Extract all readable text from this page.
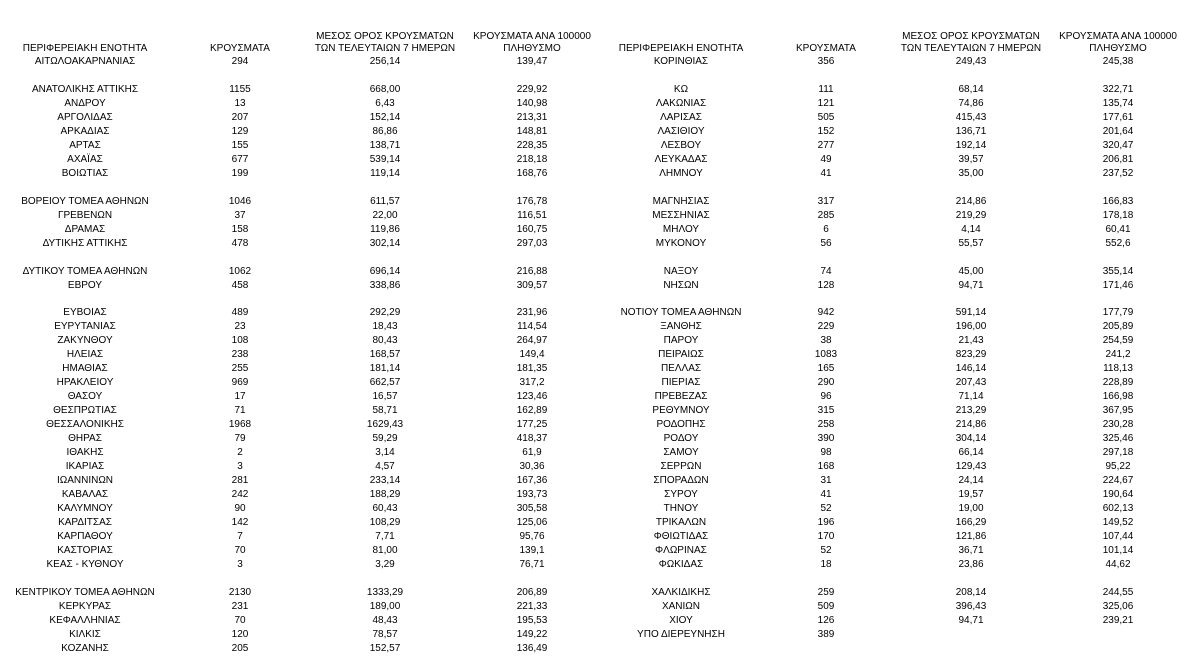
ΠΕΡΙΦΕΡΕΙΑΚΗ ΕΝΟΤΗΤΑ	ΚΡΟΥΣΜΑΤΑ
ΜΕΣΟΣ ΟΡΟΣ ΚΡΟΥΣΜΑΤΩΝ
ΤΩΝ ΤΕΛΕΥΤΑΙΩΝ 7 ΗΜΕΡΩΝ
ΚΡΟΥΣΜΑΤΑ ΑΝΑ 100000
ΠΛΗΘΥΣΜΟ
ΑΙΤΩΛΟΑΚΑΡΝΑΝΙΑΣ	294	256,14	139,47
ΑΝΑΤΟΛΙΚΗΣ ΑΤΤΙΚΗΣ	1155	668,00	229,92
ΑΝΔΡΟΥ	13	6,43	140,98
ΑΡΓΟΛΙΔΑΣ	207	152,14	213,31
ΑΡΚΑΔΙΑΣ	129	86,86	148,81
ΑΡΤΑΣ	155	138,71	228,35
ΑΧΑΪΑΣ	677	539,14	218,18
ΒΟΙΩΤΙΑΣ	199	119,14	168,76
ΒΟΡΕΙΟΥ ΤΟΜΕΑ ΑΘΗΝΩΝ	1046	611,57	176,78
ΓΡΕΒΕΝΩΝ	37	22,00	116,51
ΔΡΑΜΑΣ	158	119,86	160,75
ΔΥΤΙΚΗΣ ΑΤΤΙΚΗΣ	478	302,14	297,03
ΔΥΤΙΚΟΥ ΤΟΜΕΑ ΑΘΗΝΩΝ	1062	696,14	216,88
ΕΒΡΟΥ	458	338,86	309,57
ΕΥΒΟΙΑΣ	489	292,29	231,96
ΕΥΡΥΤΑΝΙΑΣ	23	18,43	114,54
ΖΑΚΥΝΘΟΥ	108	80,43	264,97
ΗΛΕΙΑΣ	238	168,57	149,4
ΗΜΑΘΙΑΣ	255	181,14	181,35
ΗΡΑΚΛΕΙΟΥ	969	662,57	317,2
ΘΑΣΟΥ	17	16,57	123,46
ΘΕΣΠΡΩΤΙΑΣ	71	58,71	162,89
ΘΕΣΣΑΛΟΝΙΚΗΣ	1968	1629,43	177,25
ΘΗΡΑΣ	79	59,29	418,37
ΙΘΑΚΗΣ	2	3,14	61,9
ΙΚΑΡΙΑΣ	3	4,57	30,36
ΙΩΑΝΝΙΝΩΝ	281	233,14	167,36
ΚΑΒΑΛΑΣ	242	188,29	193,73
ΚΑΛΥΜΝΟΥ	90	60,43	305,58
ΚΑΡΔΙΤΣΑΣ	142	108,29	125,06
ΚΑΡΠΑΘΟΥ	7	7,71	95,76
ΚΑΣΤΟΡΙΑΣ	70	81,00	139,1
ΚΕΑΣ - ΚΥΘΝΟΥ	3	3,29	76,71
ΚΕΝΤΡΙΚΟΥ ΤΟΜΕΑ ΑΘΗΝΩΝ	2130	1333,29	206,89
ΚΕΡΚΥΡΑΣ	231	189,00	221,33
ΚΕΦΑΛΛΗΝΙΑΣ	70	48,43	195,53
ΚΙΛΚΙΣ	120	78,57	149,22
ΚΟΖΑΝΗΣ	205	152,57	136,49
ΠΕΡΙΦΕΡΕΙΑΚΗ ΕΝΟΤΗΤΑ	ΚΡΟΥΣΜΑΤΑ
ΜΕΣΟΣ ΟΡΟΣ ΚΡΟΥΣΜΑΤΩΝ
ΤΩΝ ΤΕΛΕΥΤΑΙΩΝ 7 ΗΜΕΡΩΝ
ΚΡΟΥΣΜΑΤΑ ΑΝΑ 100000
ΠΛΗΘΥΣΜΟ
ΚΟΡΙΝΘΙΑΣ	356	249,43	245,38
ΚΩ	111	68,14	322,71
ΛΑΚΩΝΙΑΣ	121	74,86	135,74
ΛΑΡΙΣΑΣ	505	415,43	177,61
ΛΑΣΙΘΙΟΥ	152	136,71	201,64
ΛΕΣΒΟΥ	277	192,14	320,47
ΛΕΥΚΑΔΑΣ	49	39,57	206,81
ΛΗΜΝΟΥ	41	35,00	237,52
ΜΑΓΝΗΣΙΑΣ	317	214,86	166,83
ΜΕΣΣΗΝΙΑΣ	285	219,29	178,18
ΜΗΛΟΥ	6	4,14	60,41
ΜΥΚΟΝΟΥ	56	55,57	552,6
ΝΑΞΟΥ	74	45,00	355,14
ΝΗΣΩΝ	128	94,71	171,46
ΝΟΤΙΟΥ ΤΟΜΕΑ ΑΘΗΝΩΝ	942	591,14	177,79
ΞΑΝΘΗΣ	229	196,00	205,89
ΠΑΡΟΥ	38	21,43	254,59
ΠΕΙΡΑΙΩΣ	1083	823,29	241,2
ΠΕΛΛΑΣ	165	146,14	118,13
ΠΙΕΡΙΑΣ	290	207,43	228,89
ΠΡΕΒΕΖΑΣ	96	71,14	166,98
ΡΕΘΥΜΝΟΥ	315	213,29	367,95
ΡΟΔΟΠΗΣ	258	214,86	230,28
ΡΟΔΟΥ	390	304,14	325,46
ΣΑΜΟΥ	98	66,14	297,18
ΣΕΡΡΩΝ	168	129,43	95,22
ΣΠΟΡΑΔΩΝ	31	24,14	224,67
ΣΥΡΟΥ	41	19,57	190,64
ΤΗΝΟΥ	52	19,00	602,13
ΤΡΙΚΑΛΩΝ	196	166,29	149,52
ΦΘΙΩΤΙΔΑΣ	170	121,86	107,44
ΦΛΩΡΙΝΑΣ	52	36,71	101,14
ΦΩΚΙΔΑΣ	18	23,86	44,62
ΧΑΛΚΙΔΙΚΗΣ	259	208,14	244,55
ΧΑΝΙΩΝ	509	396,43	325,06
ΧΙΟΥ	126	94,71	239,21
ΥΠΟ ΔΙΕΡΕΥΝΗΣΗ	389
